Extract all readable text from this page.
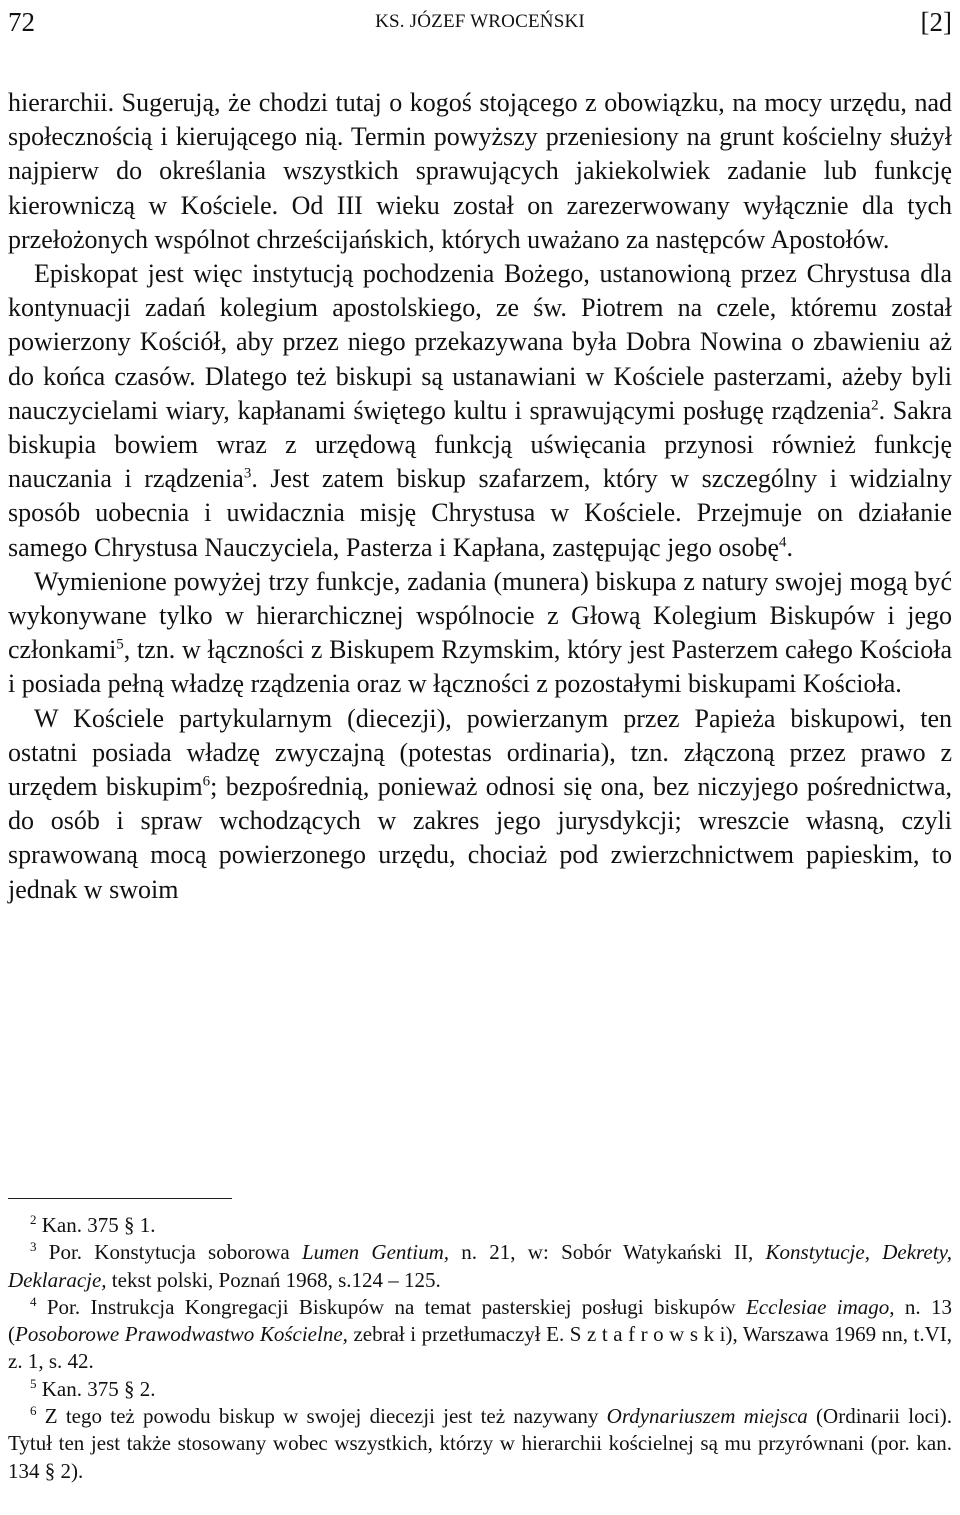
72	KS. JÓZEF WROCEŃSKI	[2]

hierarchii. Sugerują, że chodzi tutaj o kogoś stojącego z obowiązku, na mocy urzędu, nad społecznością i kierującego nią. Termin powyższy przeniesiony na grunt kościelny służył najpierw do określania wszystkich sprawujących jakiekolwiek zadanie lub funkcję kierowniczą w Kościele. Od III wieku został on zarezerwowany wyłącznie dla tych przełożonych wspólnot chrześcijańskich, których uważano za następców Apostołów.

Episkopat jest więc instytucją pochodzenia Bożego, ustanowioną przez Chrystusa dla kontynuacji zadań kolegium apostolskiego, ze św. Piotrem na czele, któremu został powierzony Kościół, aby przez niego przekazywana była Dobra Nowina o zbawieniu aż do końca czasów. Dlatego też biskupi są ustanawiani w Kościele pasterzami, ażeby byli nauczycielami wiary, kapłanami świętego kultu i sprawującymi posługę rządzenia$^2$. Sakra biskupia bowiem wraz z urzędową funkcją uświęcania przynosi również funkcję nauczania i rządzenia$^3$. Jest zatem biskup szafarzem, który w szczególny i widzialny sposób uobecnia i uwidacznia misję Chrystusa w Kościele. Przejmuje on działanie samego Chrystusa Nauczyciela, Pasterza i Kapłana, zastępując jego osobę$^4$.

Wymienione powyżej trzy funkcje, zadania (munera) biskupa z natury swojej mogą być wykonywane tylko w hierarchicznej wspólnocie z Głową Kolegium Biskupów i jego członkami$^5$, tzn. w łączności z Biskupem Rzymskim, który jest Pasterzem całego Kościoła i posiada pełną władzę rządzenia oraz w łączności z pozostałymi biskupami Kościoła.

W Kościele partykularnym (diecezji), powierzanym przez Papieża biskupowi, ten ostatni posiada władzę zwyczajną (potestas ordinaria), tzn. złączoną przez prawo z urzędem biskupim$^6$; bezpośrednią, ponieważ odnosi się ona, bez niczyjego pośrednictwa, do osób i spraw wchodzących w zakres jego jurysdykcji; wreszcie własną, czyli sprawowaną mocą powierzonego urzędu, chociaż pod zwierzchnictwem papieskim, to jednak w swoim

$^2$ Kan. 375 § 1.

$^3$ Por. Konstytucja soborowa Lumen Gentium, n. 21, w: Sobór Watykański II, Konstytucje, Dekrety, Deklaracje, tekst polski, Poznań 1968, s.124 – 125.

$^4$ Por. Instrukcja Kongregacji Biskupów na temat pasterskiej posługi biskupów Ecclesiae imago, n. 13 (Posoborowe Prawodwastwo Kościelne, zebrał i przetłumaczył E. S z t a f r o w s k i), Warszawa 1969 nn, t.VI, z. 1, s. 42.

$^5$ Kan. 375 § 2.

$^6$ Z tego też powodu biskup w swojej diecezji jest też nazywany Ordynariuszem miejsca (Ordinarii loci). Tytuł ten jest także stosowany wobec wszystkich, którzy w hierarchii kościelnej są mu przyrównani (por. kan. 134 § 2).
